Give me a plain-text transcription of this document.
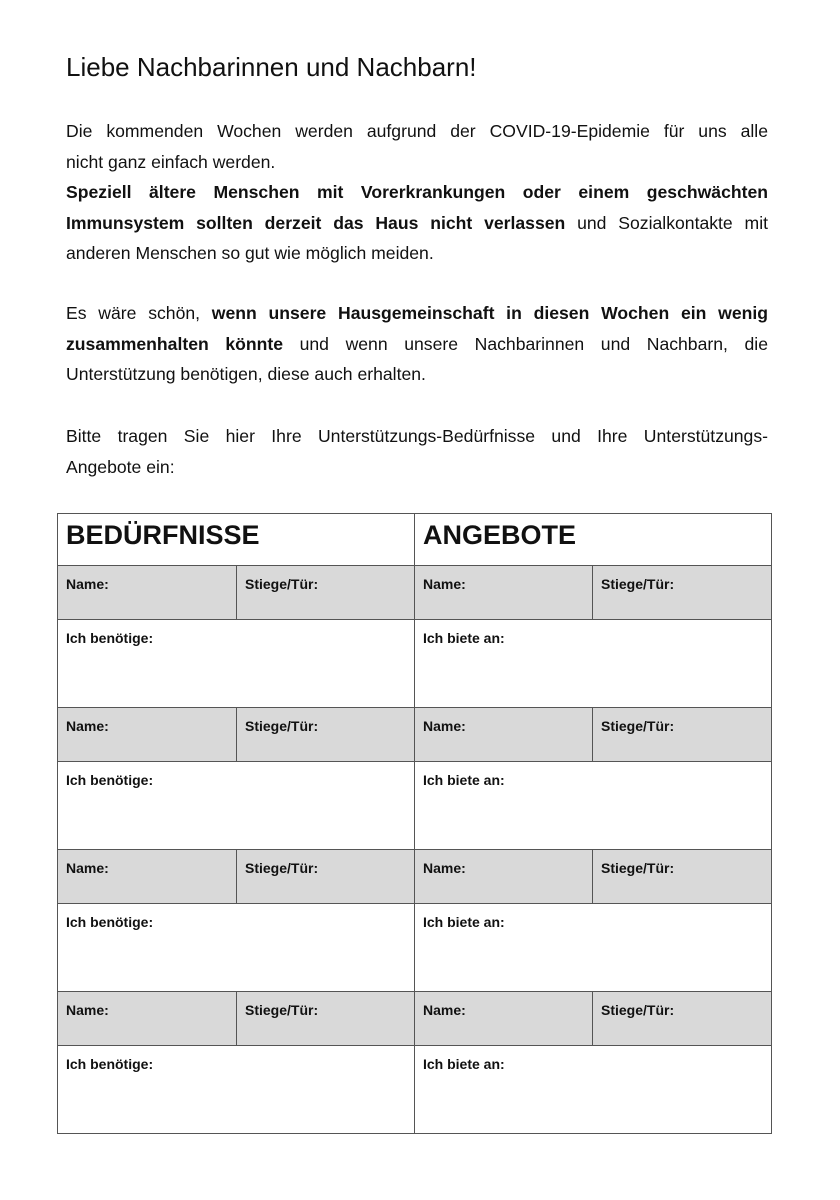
Liebe Nachbarinnen und Nachbarn!
Die kommenden Wochen werden aufgrund der COVID-19-Epidemie für uns alle
nicht ganz einfach werden.
Speziell ältere Menschen mit Vorerkrankungen oder einem geschwächten
Immunsystem sollten derzeit das Haus nicht verlassen und Sozialkontakte mit
anderen Menschen so gut wie möglich meiden.
Es wäre schön, wenn unsere Hausgemeinschaft in diesen Wochen ein wenig
zusammenhalten könnte und wenn unsere Nachbarinnen und Nachbarn, die
Unterstützung benötigen, diese auch erhalten.
Bitte tragen Sie hier Ihre Unterstützungs-Bedürfnisse und Ihre Unterstützungs-
Angebote ein:
BEDÜRFNISSE		ANGEBOTE	
Name:	Stiege/Tür:	Name:	Stiege/Tür:
Ich benötige:		Ich biete an:	
Name:	Stiege/Tür:	Name:	Stiege/Tür:
Ich benötige:		Ich biete an:	
Name:	Stiege/Tür:	Name:	Stiege/Tür:
Ich benötige:		Ich biete an:	
Name:	Stiege/Tür:	Name:	Stiege/Tür:
Ich benötige:		Ich biete an:	
